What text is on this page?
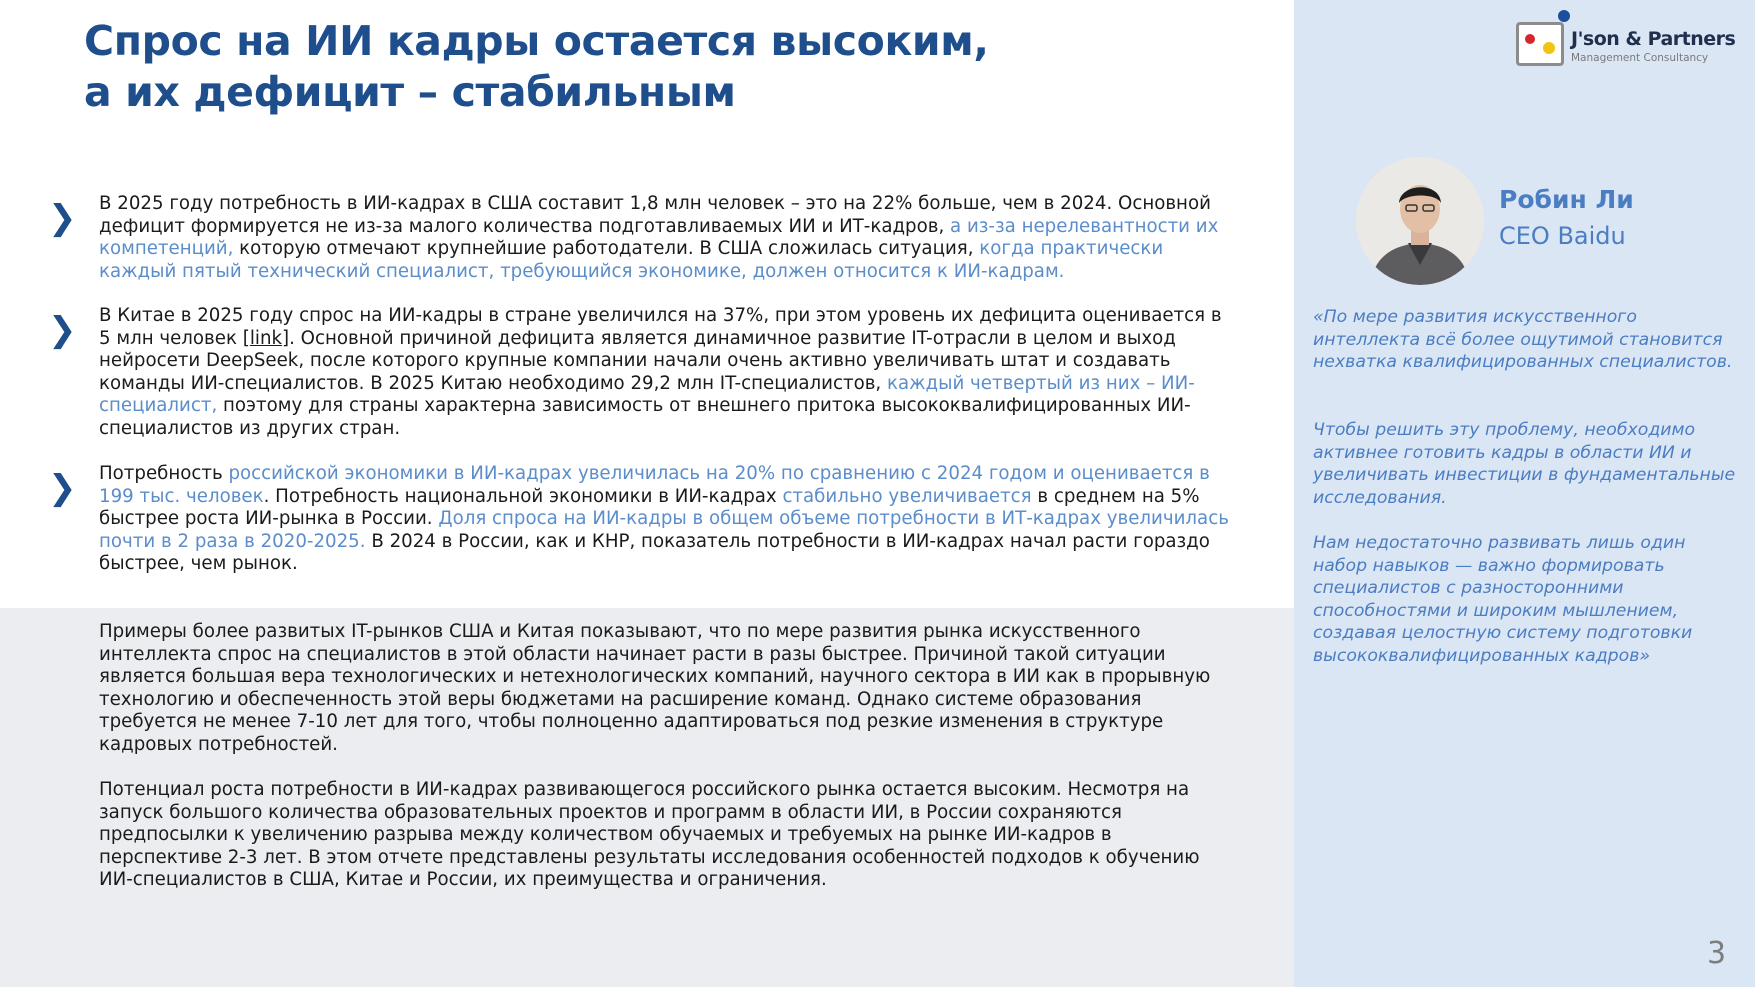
Спрос на ИИ кадры остается высоким,
а их дефицит – стабильным
❯ В 2025 году потребность в ИИ-кадрах в США составит 1,8 млн человек – это на 22% больше, чем в 2024. Основной дефицит формируется не из-за малого количества подготавливаемых ИИ и ИТ-кадров, а из-за нерелевантности их компетенций, которую отмечают крупнейшие работодатели. В США сложилась ситуация, когда практически каждый пятый технический специалист, требующийся экономике, должен относится к ИИ-кадрам.

❯ В Китае в 2025 году спрос на ИИ-кадры в стране увеличился на 37%, при этом уровень их дефицита оценивается в 5 млн человек [link]. Основной причиной дефицита является динамичное развитие IT-отрасли в целом и выход нейросети DeepSeek, после которого крупные компании начали очень активно увеличивать штат и создавать команды ИИ-специалистов. В 2025 Китаю необходимо 29,2 млн IT-специалистов, каждый четвертый из них – ИИ-специалист, поэтому для страны характерна зависимость от внешнего притока высококвалифицированных ИИ-специалистов из других стран.

❯ Потребность российской экономики в ИИ-кадрах увеличилась на 20% по сравнению с 2024 годом и оценивается в 199 тыс. человек. Потребность национальной экономики в ИИ-кадрах стабильно увеличивается в среднем на 5% быстрее роста ИИ-рынка в России. Доля спроса на ИИ-кадры в общем объеме потребности в ИТ-кадрах увеличилась почти в 2 раза в 2020-2025. В 2024 в России, как и КНР, показатель потребности в ИИ-кадрах начал расти гораздо быстрее, чем рынок.

Примеры более развитых IT-рынков США и Китая показывают, что по мере развития рынка искусственного интеллекта спрос на специалистов в этой области начинает расти в разы быстрее. Причиной такой ситуации является большая вера технологических и нетехнологических компаний, научного сектора в ИИ как в прорывную технологию и обеспеченность этой веры бюджетами на расширение команд. Однако системе образования требуется не менее 7-10 лет для того, чтобы полноценно адаптироваться под резкие изменения в структуре кадровых потребностей.

Потенциал роста потребности в ИИ-кадрах развивающегося российского рынка остается высоким. Несмотря на запуск большого количества образовательных проектов и программ в области ИИ, в России сохраняются предпосылки к увеличению разрыва между количеством обучаемых и требуемых на рынке ИИ-кадров в перспективе 2-3 лет. В этом отчете представлены результаты исследования особенностей подходов к обучению ИИ-специалистов в США, Китае и России, их преимущества и ограничения.

J'son & Partners
Management Consultancy

Робин Ли

CEO Baidu

«По мере развития искусственного интеллекта всё более ощутимой становится нехватка квалифицированных специалистов.

Чтобы решить эту проблему, необходимо активнее готовить кадры в области ИИ и увеличивать инвестиции в фундаментальные исследования.

Нам недостаточно развивать лишь один набор навыков — важно формировать специалистов с разносторонними способностями и широким мышлением, создавая целостную систему подготовки высококвалифицированных кадров»

3
